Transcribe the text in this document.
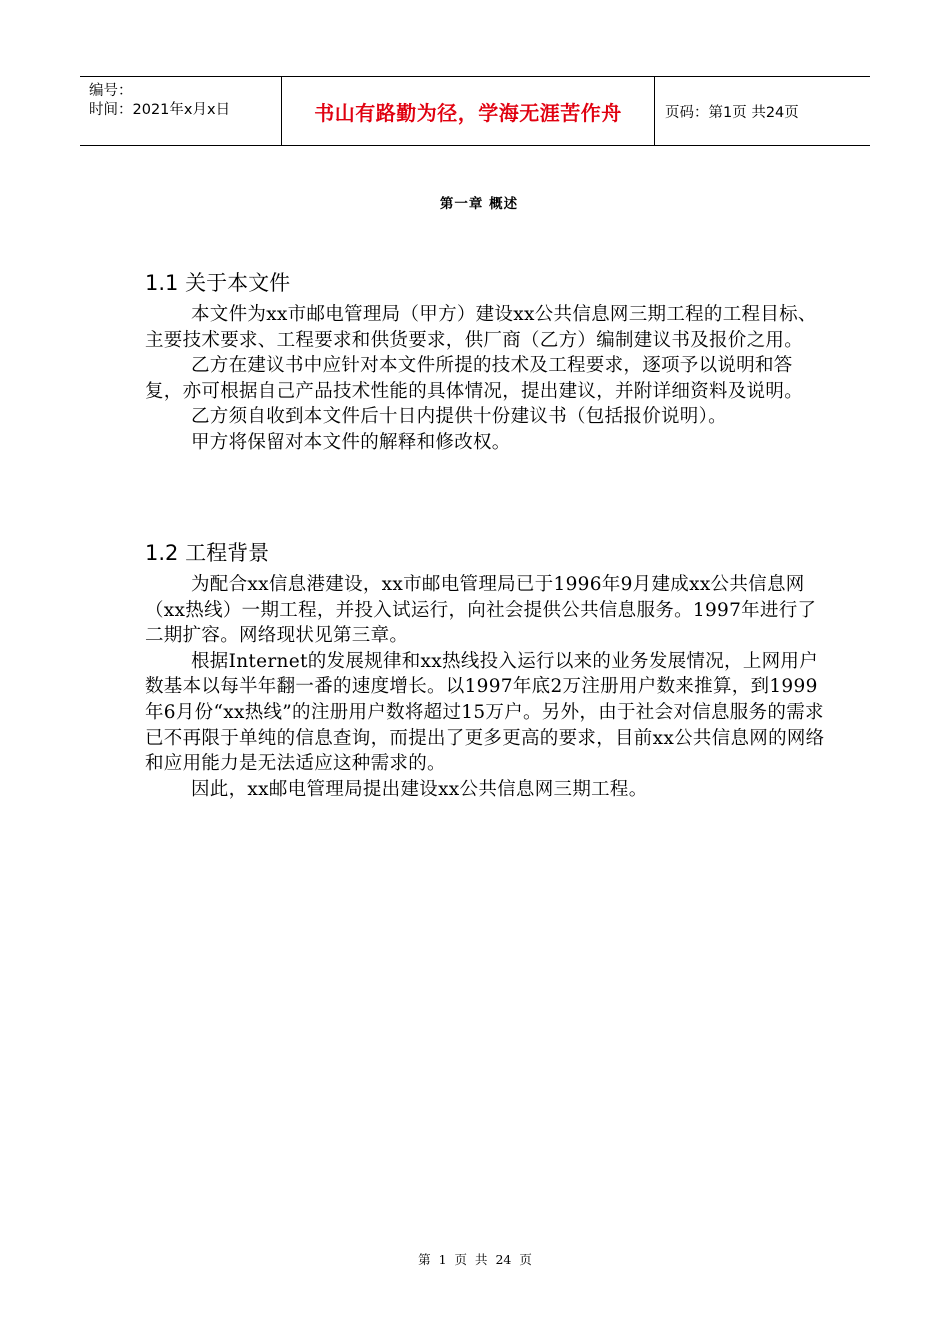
编号：
时间：2021年x月x日	书山有路勤为径，学海无涯苦作舟	页码：第1页 共24页
第一章 概述
1.1 关于本文件

本文件为xx市邮电管理局（甲方）建设xx公共信息网三期工程的工程目标、主要技术要求、工程要求和供货要求，供厂商（乙方）编制建议书及报价之用。

乙方在建议书中应针对本文件所提的技术及工程要求，逐项予以说明和答复，亦可根据自己产品技术性能的具体情况，提出建议，并附详细资料及说明。

乙方须自收到本文件后十日内提供十份建议书（包括报价说明）。

甲方将保留对本文件的解释和修改权。

1.2 工程背景

为配合xx信息港建设，xx市邮电管理局已于1996年9月建成xx公共信息网（xx热线）一期工程，并投入试运行，向社会提供公共信息服务。1997年进行了二期扩容。网络现状见第三章。

根据Internet的发展规律和xx热线投入运行以来的业务发展情况，上网用户数基本以每半年翻一番的速度增长。以1997年底2万注册用户数来推算，到1999年6月份“xx热线”的注册用户数将超过15万户。另外，由于社会对信息服务的需求已不再限于单纯的信息查询，而提出了更多更高的要求，目前xx公共信息网的网络和应用能力是无法适应这种需求的。

因此，xx邮电管理局提出建设xx公共信息网三期工程。

第 1 页 共 24 页
